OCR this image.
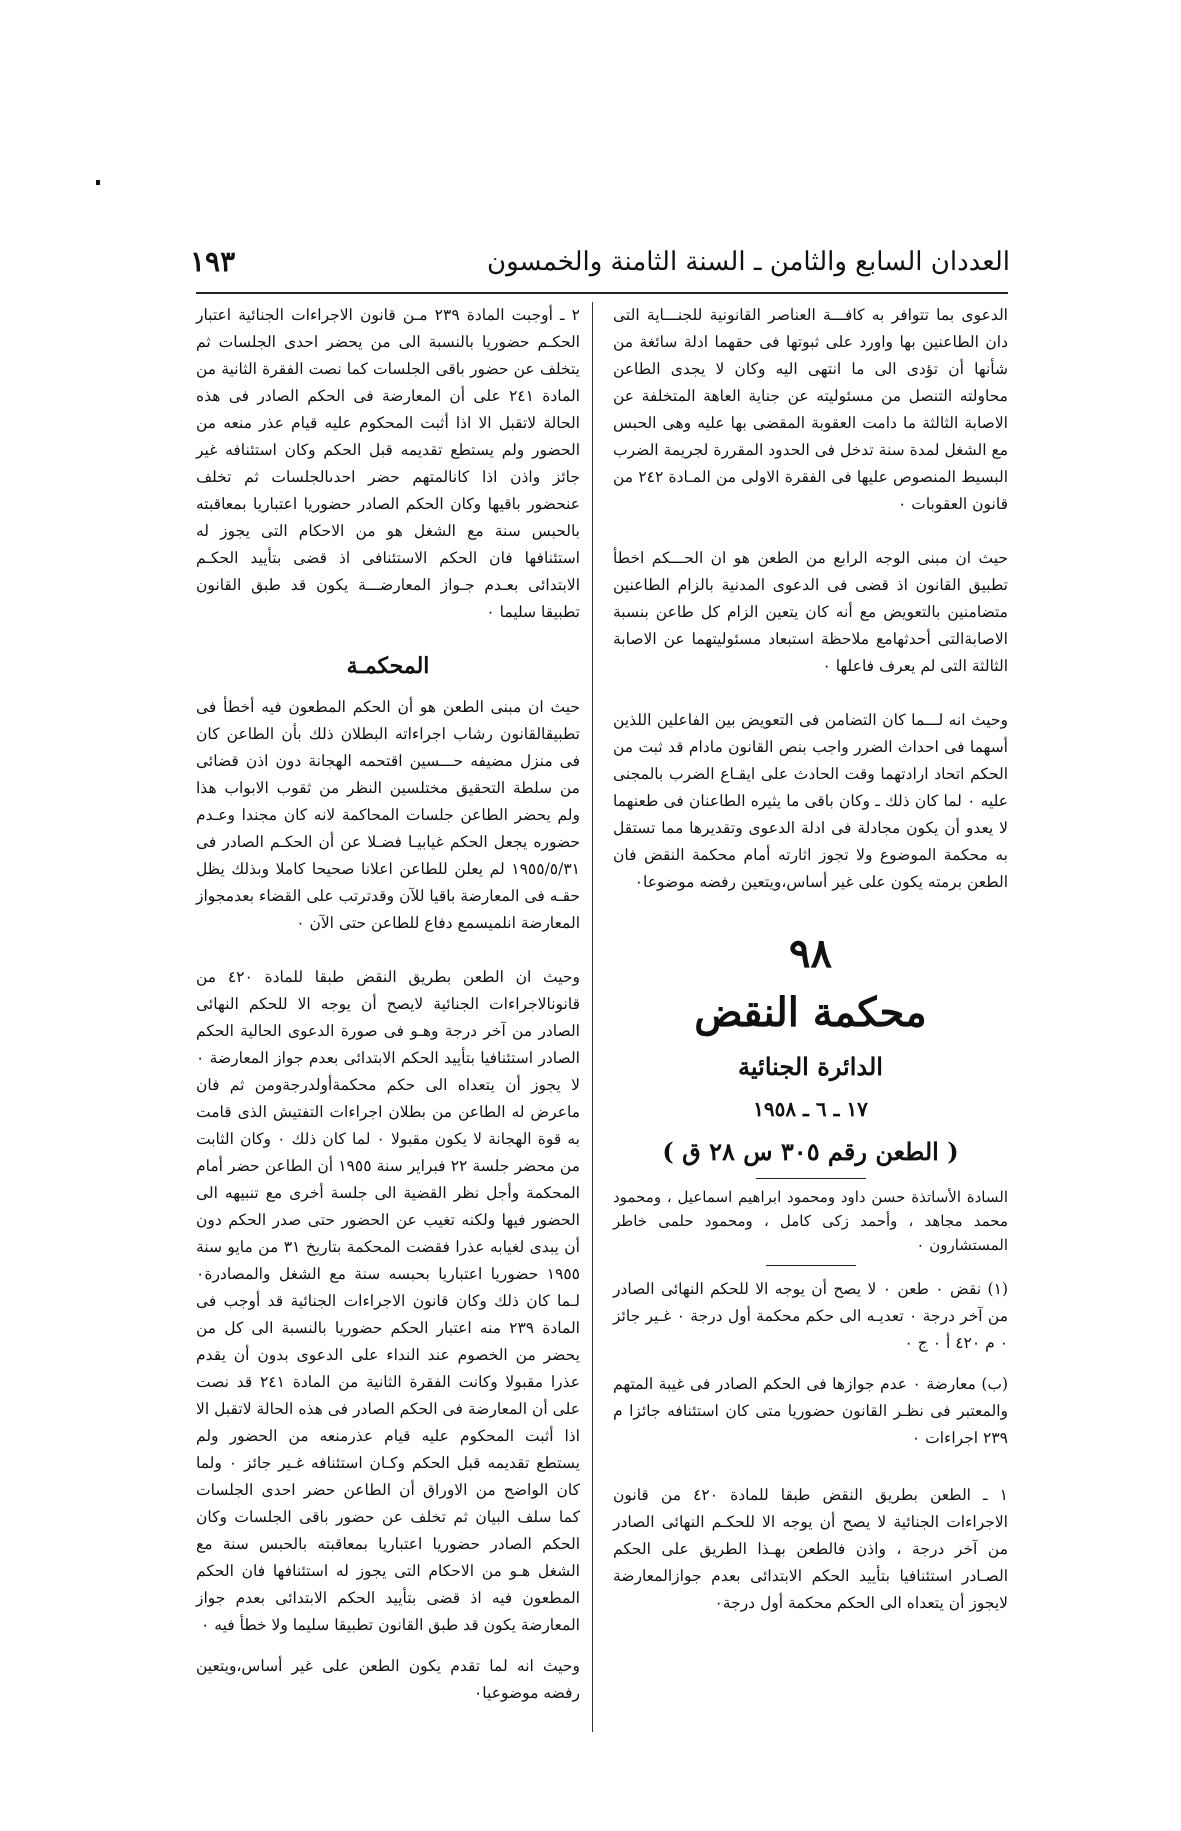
العددان السابع والثامن ـ السنة الثامنة والخمسون
١٩٣

الدعوى بما تتوافر به كافـــة العناصر القانونية للجنـــاية التى دان الطاعنين بها واورد على ثبوتها فى حقهما ادلة سائغة من شأنها أن تؤدى الى ما انتهى اليه وكان لا يجدى الطاعن محاولته التنصل من مسئوليته عن جناية العاهة المتخلفة عن الاصابة الثالثة ما دامت العقوبة المقضى بها عليه وهى الحبس مع الشغل لمدة سنة تدخل فى الحدود المقررة لجريمة الضرب البسيط المنصوص عليها فى الفقرة الاولى من المـادة ٢٤٢ من قانون العقوبات ٠

حيث ان مبنى الوجه الرابع من الطعن هو ان الحـــكم اخطأ تطبيق القانون اذ قضى فى الدعوى المدنية بالزام الطاعنين متضامنين بالتعويض مع أنه كان يتعين الزام كل طاعن بنسبة الاصابةالتى أحدثهامع ملاحظة استبعاد مسئوليتهما عن الاصابة الثالثة التى لم يعرف فاعلها ٠

وحيث انه لـــما كان التضامن فى التعويض بين الفاعلين اللذين أسهما فى احداث الضرر واجب بنص القانون مادام قد ثبت من الحكم اتحاد ارادتهما وقت الحادث على ايقـاع الضرب بالمجنى عليه ٠ لما كان ذلك ـ وكان باقى ما يثيره الطاعنان فى طعنهما لا يعدو أن يكون مجادلة فى ادلة الدعوى وتقديرها مما تستقل به محكمة الموضوع ولا تجوز اثارته أمام محكمة النقض فان الطعن برمته يكون على غير أساس،ويتعين رفضه موضوعا٠

٩٨

محكمة النقض

الدائرة الجنائية

١٧ ـ ٦ ـ ١٩٥٨

( الطعن رقم ٣٠٥ س ٢٨ ق )

السادة الأساتذة حسن داود ومحمود ابراهيم اسماعيل ، ومحمود محمد مجاهد ، وأحمد زكى كامل ، ومحمود حلمى خاطر المستشارون ٠

(١) نقض ٠ طعن ٠ لا يصح أن يوجه الا للحكم النهائى الصادر من آخر درجة ٠ تعديـه الى حكم محكمة أول درجة ٠ غـير جائز ٠ م ٤٢٠ أ ٠ ج ٠

(ب) معارضة ٠ عدم جوازها فى الحكم الصادر فى غيبة المتهم والمعتبر فى نظـر القانون حضوريا متى كان استئنافه جائزا م ٢٣٩ اجراءات ٠

١ ـ الطعن بطريق النقض طبقا للمادة ٤٢٠ من قانون الاجراءات الجنائية لا يصح أن يوجه الا للحكـم النهائى الصادر من آخر درجة ، واذن فالطعن بهـذا الطريق على الحكم الصـادر استئنافيا بتأييد الحكم الابتدائى بعدم جوازالمعارضة لايجوز أن يتعداه الى الحكم محكمة أول درجة٠

٢ ـ أوجبت المادة ٢٣٩ مـن قانون الاجراءات الجنائية اعتبار الحكـم حضوريا بالنسبة الى من يحضر احدى الجلسات ثم يتخلف عن حضور باقى الجلسات كما نصت الفقرة الثانية من المادة ٢٤١ على أن المعارضة فى الحكم الصادر فى هذه الحالة لاتقبل الا اذا أثبت المحكوم عليه قيام عذر منعه من الحضور ولم يستطع تقديمه قبل الحكم وكان استئنافه غير جائز واذن اذا كانالمتهم حضر احدىالجلسات ثم تخلف عنحضور باقيها وكان الحكم الصادر حضوريا اعتباريا بمعاقبته بالحبس سنة مع الشغل هو من الاحكام التى يجوز له استئنافها فان الحكم الاستئنافى اذ قضى بتأييد الحكـم الابتدائى بعـدم جـواز المعارضـــة يكون قد طبق القانون تطبيقا سليما ٠

المحكمـة

حيث ان مبنى الطعن هو أن الحكم المطعون فيه أخطأ فى تطبيقالقانون رشاب اجراءاته البطلان ذلك بأن الطاعن كان فى منزل مضيفه حـــسين اقتحمه الهجانة دون اذن قضائى من سلطة التحقيق مختلسين النظر من ثقوب الابواب هذا ولم يحضر الطاعن جلسات المحاكمة لانه كان مجندا وعـدم حضوره يجعل الحكم غيابيـا فضـلا عن أن الحكـم الصادر فى ١٩٥٥/٥/٣١ لم يعلن للطاعن اعلانا صحيحا كاملا وبذلك يظل حقـه فى المعارضة باقيا للآن وقدترتب على القضاء بعدمجواز المعارضة انلميسمع دفاع للطاعن حتى الآن ٠

وحيث ان الطعن بطريق النقض طبقا للمادة ٤٢٠ من قانونالاجراءات الجنائية لايصح أن يوجه الا للحكم النهائى الصادر من آخر درجة وهـو فى صورة الدعوى الحالية الحكم الصادر استئنافيا بتأييد الحكم الابتدائى بعدم جواز المعارضة ٠ لا يجوز أن يتعداه الى حكم محكمةأولدرجةومن ثم فان ماعرض له الطاعن من بطلان اجراءات التفتيش الذى قامت به قوة الهجانة لا يكون مقبولا ٠ لما كان ذلك ٠ وكان الثابت من محضر جلسة ٢٢ فبراير سنة ١٩٥٥ أن الطاعن حضر أمام المحكمة وأجل نظر القضية الى جلسة أخرى مع تنبيهه الى الحضور فيها ولكنه تغيب عن الحضور حتى صدر الحكم دون أن يبدى لغيابه عذرا فقضت المحكمة بتاريخ ٣١ من مايو سنة ١٩٥٥ حضوريا اعتباريا بحبسه سنة مع الشغل والمصادرة٠ لـما كان ذلك وكان قانون الاجراءات الجنائية قد أوجب فى المادة ٢٣٩ منه اعتبار الحكم حضوريا بالنسبة الى كل من يحضر من الخصوم عند النداء على الدعوى بدون أن يقدم عذرا مقبولا وكانت الفقرة الثانية من المادة ٢٤١ قد نصت على أن المعارضة فى الحكم الصادر فى هذه الحالة لاتقبل الا اذا أثبت المحكوم عليه قيام عذرمنعه من الحضور ولم يستطع تقديمه قبل الحكم وكـان استئنافه غـير جائز ٠ ولما كان الواضح من الاوراق أن الطاعن حضر احدى الجلسات كما سلف البيان ثم تخلف عن حضور باقى الجلسات وكان الحكم الصادر حضوريا اعتباريا بمعاقبته بالحبس سنة مع الشغل هـو من الاحكام التى يجوز له استئنافها فان الحكم المطعون فيه اذ قضى بتأييد الحكم الابتدائى بعدم جواز المعارضة يكون قد طبق القانون تطبيقا سليما ولا خطأ فيه ٠

وحيث انه لما تقدم يكون الطعن على غير أساس،ويتعين رفضه موضوعيا٠
